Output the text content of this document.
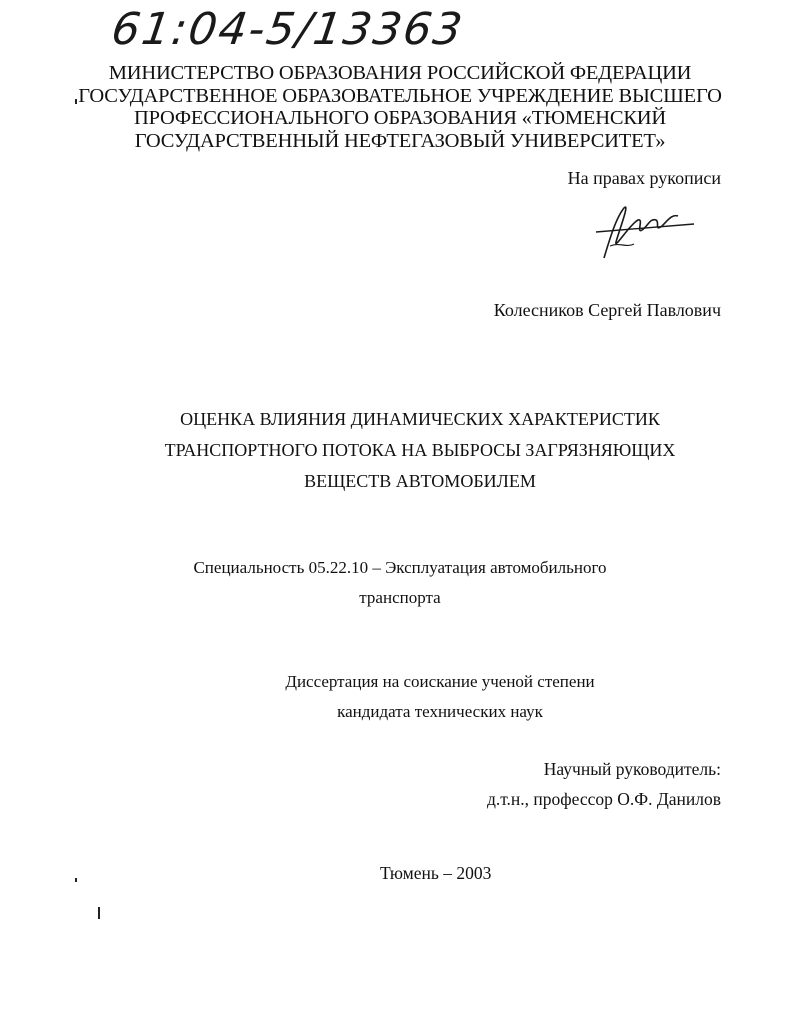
61:04-5/13363
МИНИСТЕРСТВО ОБРАЗОВАНИЯ РОССИЙСКОЙ ФЕДЕРАЦИИ
ГОСУДАРСТВЕННОЕ ОБРАЗОВАТЕЛЬНОЕ УЧРЕЖДЕНИЕ ВЫСШЕГО
ПРОФЕССИОНАЛЬНОГО ОБРАЗОВАНИЯ «ТЮМЕНСКИЙ
ГОСУДАРСТВЕННЫЙ НЕФТЕГАЗОВЫЙ УНИВЕРСИТЕТ»
На правах рукописи
Колесников Сергей Павлович
ОЦЕНКА ВЛИЯНИЯ ДИНАМИЧЕСКИХ ХАРАКТЕРИСТИК
ТРАНСПОРТНОГО ПОТОКА НА ВЫБРОСЫ ЗАГРЯЗНЯЮЩИХ
ВЕЩЕСТВ АВТОМОБИЛЕМ
Специальность 05.22.10 – Эксплуатация автомобильного
транспорта
Диссертация на соискание ученой степени
кандидата технических наук
Научный руководитель:
д.т.н., профессор О.Ф. Данилов
Тюмень – 2003
